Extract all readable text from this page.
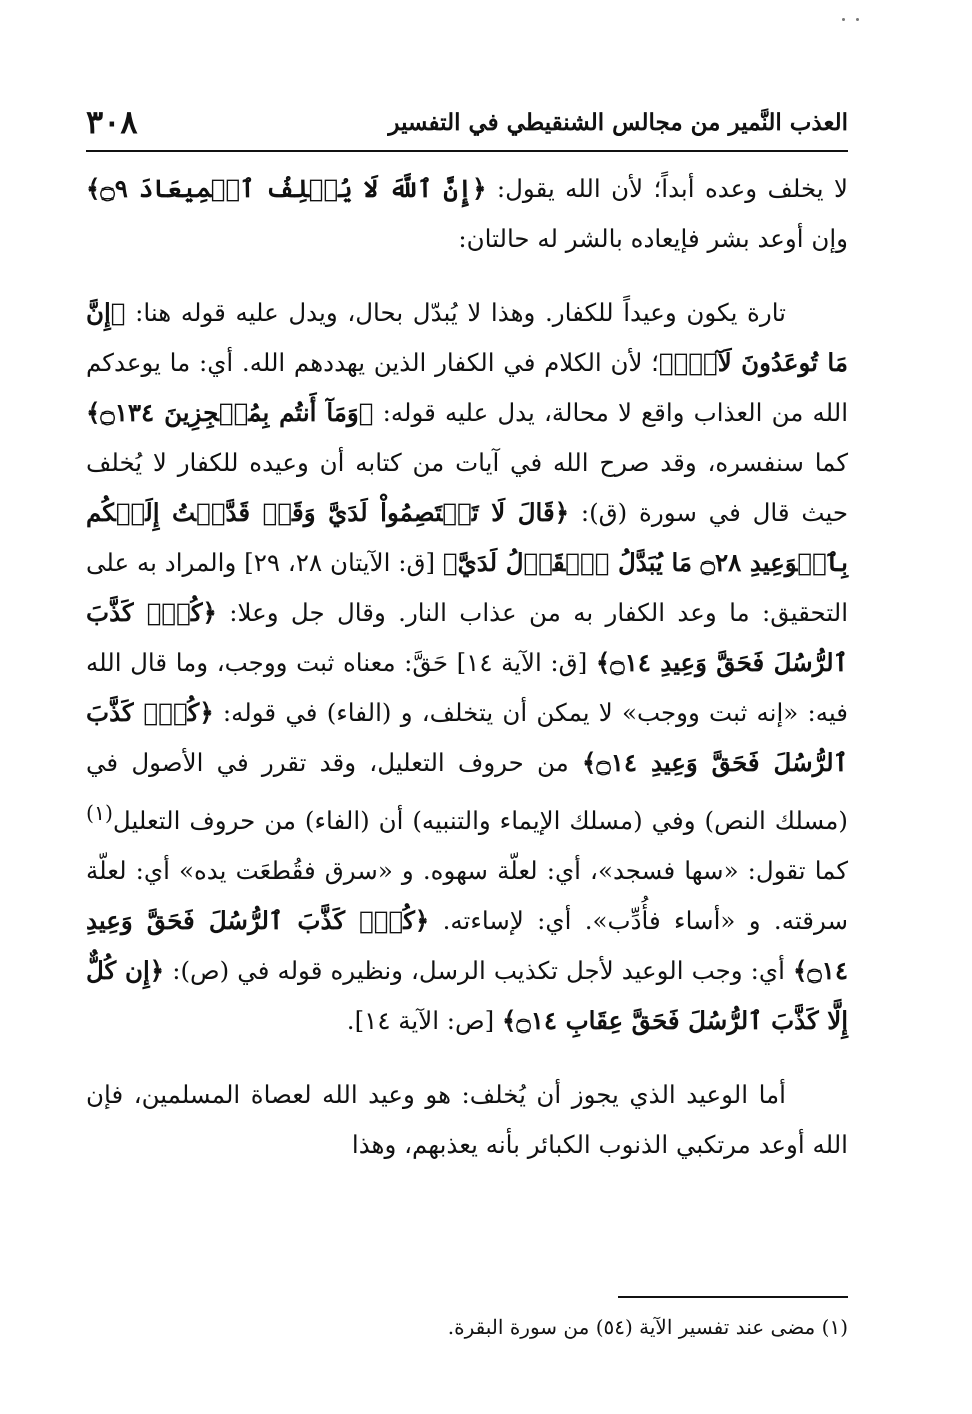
العذب النَّمير من مجالس الشنقيطي في التفسير
٣٠٨

لا يخلف وعده أبداً؛ لأن الله يقول: ﴿إِنَّ ٱللَّهَ لَا يُخۡلِفُ ٱلۡمِيعَادَ ۝٩﴾ وإن أوعد بشر فإيعاده بالشر له حالتان:

تارة يكون وعيداً للكفار. وهذا لا يُبدّل بحال، ويدل عليه قوله هنا: ﴿إِنَّ مَا تُوعَدُونَ لَآتٍۖ﴾؛ لأن الكلام في الكفار الذين يهددهم الله. أي: ما يوعدكم الله من العذاب واقع لا محالة، يدل عليه قوله: ﴿وَمَآ أَنتُم بِمُعۡجِزِينَ ۝١٣٤﴾ كما سنفسره، وقد صرح الله في آيات من كتابه أن وعيده للكفار لا يُخلف حيث قال في سورة (ق): ﴿قَالَ لَا تَخۡتَصِمُواْ لَدَيَّ وَقَدۡ قَدَّمۡتُ إِلَيۡكُم بِٱلۡوَعِيدِ ۝٢٨ مَا يُبَدَّلُ ٱلۡقَوۡلُ لَدَيَّ﴾ [ق: الآيتان ٢٨، ٢٩] والمراد به على التحقيق: ما وعد الكفار به من عذاب النار. وقال جل وعلا: ﴿كُلّٞ كَذَّبَ ٱلرُّسُلَ فَحَقَّ وَعِيدِ ۝١٤﴾ [ق: الآية ١٤] حَقَّ: معناه ثبت ووجب، وما قال الله فيه: «إنه ثبت ووجب» لا يمكن أن يتخلف، و (الفاء) في قوله: ﴿كُلّٞ كَذَّبَ ٱلرُّسُلَ فَحَقَّ وَعِيدِ ۝١٤﴾ من حروف التعليل، وقد تقرر في الأصول في (مسلك النص) وفي (مسلك الإيماء والتنبيه) أن (الفاء) من حروف التعليل$^{(١)}$ كما تقول: «سها فسجد»، أي: لعلّة سهوه. و «سرق فقُطعَت يده» أي: لعلّة سرقته. و «أساء فأُدِّب». أي: لإساءته. ﴿كُلّٞ كَذَّبَ ٱلرُّسُلَ فَحَقَّ وَعِيدِ ۝١٤﴾ أي: وجب الوعيد لأجل تكذيب الرسل، ونظيره قوله في (ص): ﴿إِن كُلٌّ إِلَّا كَذَّبَ ٱلرُّسُلَ فَحَقَّ عِقَابِ ۝١٤﴾ [ص: الآية ١٤].

أما الوعيد الذي يجوز أن يُخلف: هو وعيد الله لعصاة المسلمين، فإن الله أوعد مرتكبي الذنوب الكبائر بأنه يعذبهم، وهذا

(١) مضى عند تفسير الآية (٥٤) من سورة البقرة.
